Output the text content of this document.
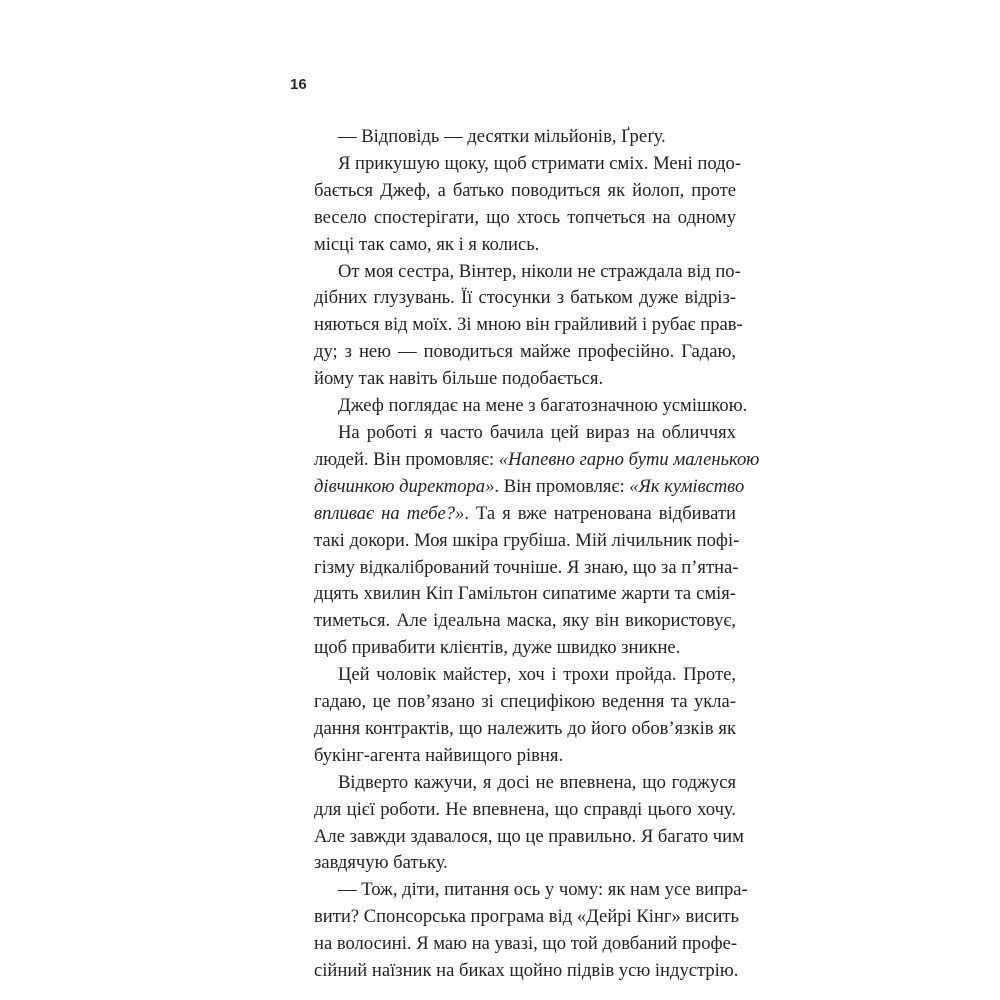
16

— Відповідь — десятки мільйонів, Ґреґу.

Я прикушую щоку, щоб стримати сміх. Мені подо-
бається Джеф, а батько поводиться як йолоп, проте
весело спостерігати, що хтось топчеться на одному
місці так само, як і я колись.

От моя сестра, Вінтер, ніколи не страждала від по-
дібних глузувань. Її стосунки з батьком дуже відріз-
няються від моїх. Зі мною він грайливий і рубає прав-
ду; з нею — поводиться майже професійно. Гадаю,
йому так навіть більше подобається.

Джеф поглядає на мене з багатозначною усмішкою.

На роботі я часто бачила цей вираз на обличчях
людей. Він промовляє: «Напевно гарно бути маленькою
дівчинкою директора». Він промовляє: «Як кумівство
впливає на тебе?». Та я вже натренована відбивати
такі докори. Моя шкіра грубіша. Мій лічильник пофі-
гізму відкалібрований точніше. Я знаю, що за п’ятна-
дцять хвилин Кіп Гамільтон сипатиме жарти та смія-
тиметься. Але ідеальна маска, яку він використовує,
щоб привабити клієнтів, дуже швидко зникне.

Цей чоловік майстер, хоч і трохи пройда. Проте,
гадаю, це пов’язано зі специфікою ведення та укла-
дання контрактів, що належить до його обов’язків як
букінг-агента найвищого рівня.

Відверто кажучи, я досі не впевнена, що годжуся
для цієї роботи. Не впевнена, що справді цього хочу.
Але завжди здавалося, що це правильно. Я багато чим
завдячую батьку.

— Тож, діти, питання ось у чому: як нам усе випра-
вити? Спонсорська програма від «Дейрі Кінг» висить
на волосині. Я маю на увазі, що той довбаний профе-
сійний наїзник на биках щойно підвів усю індустрію.
